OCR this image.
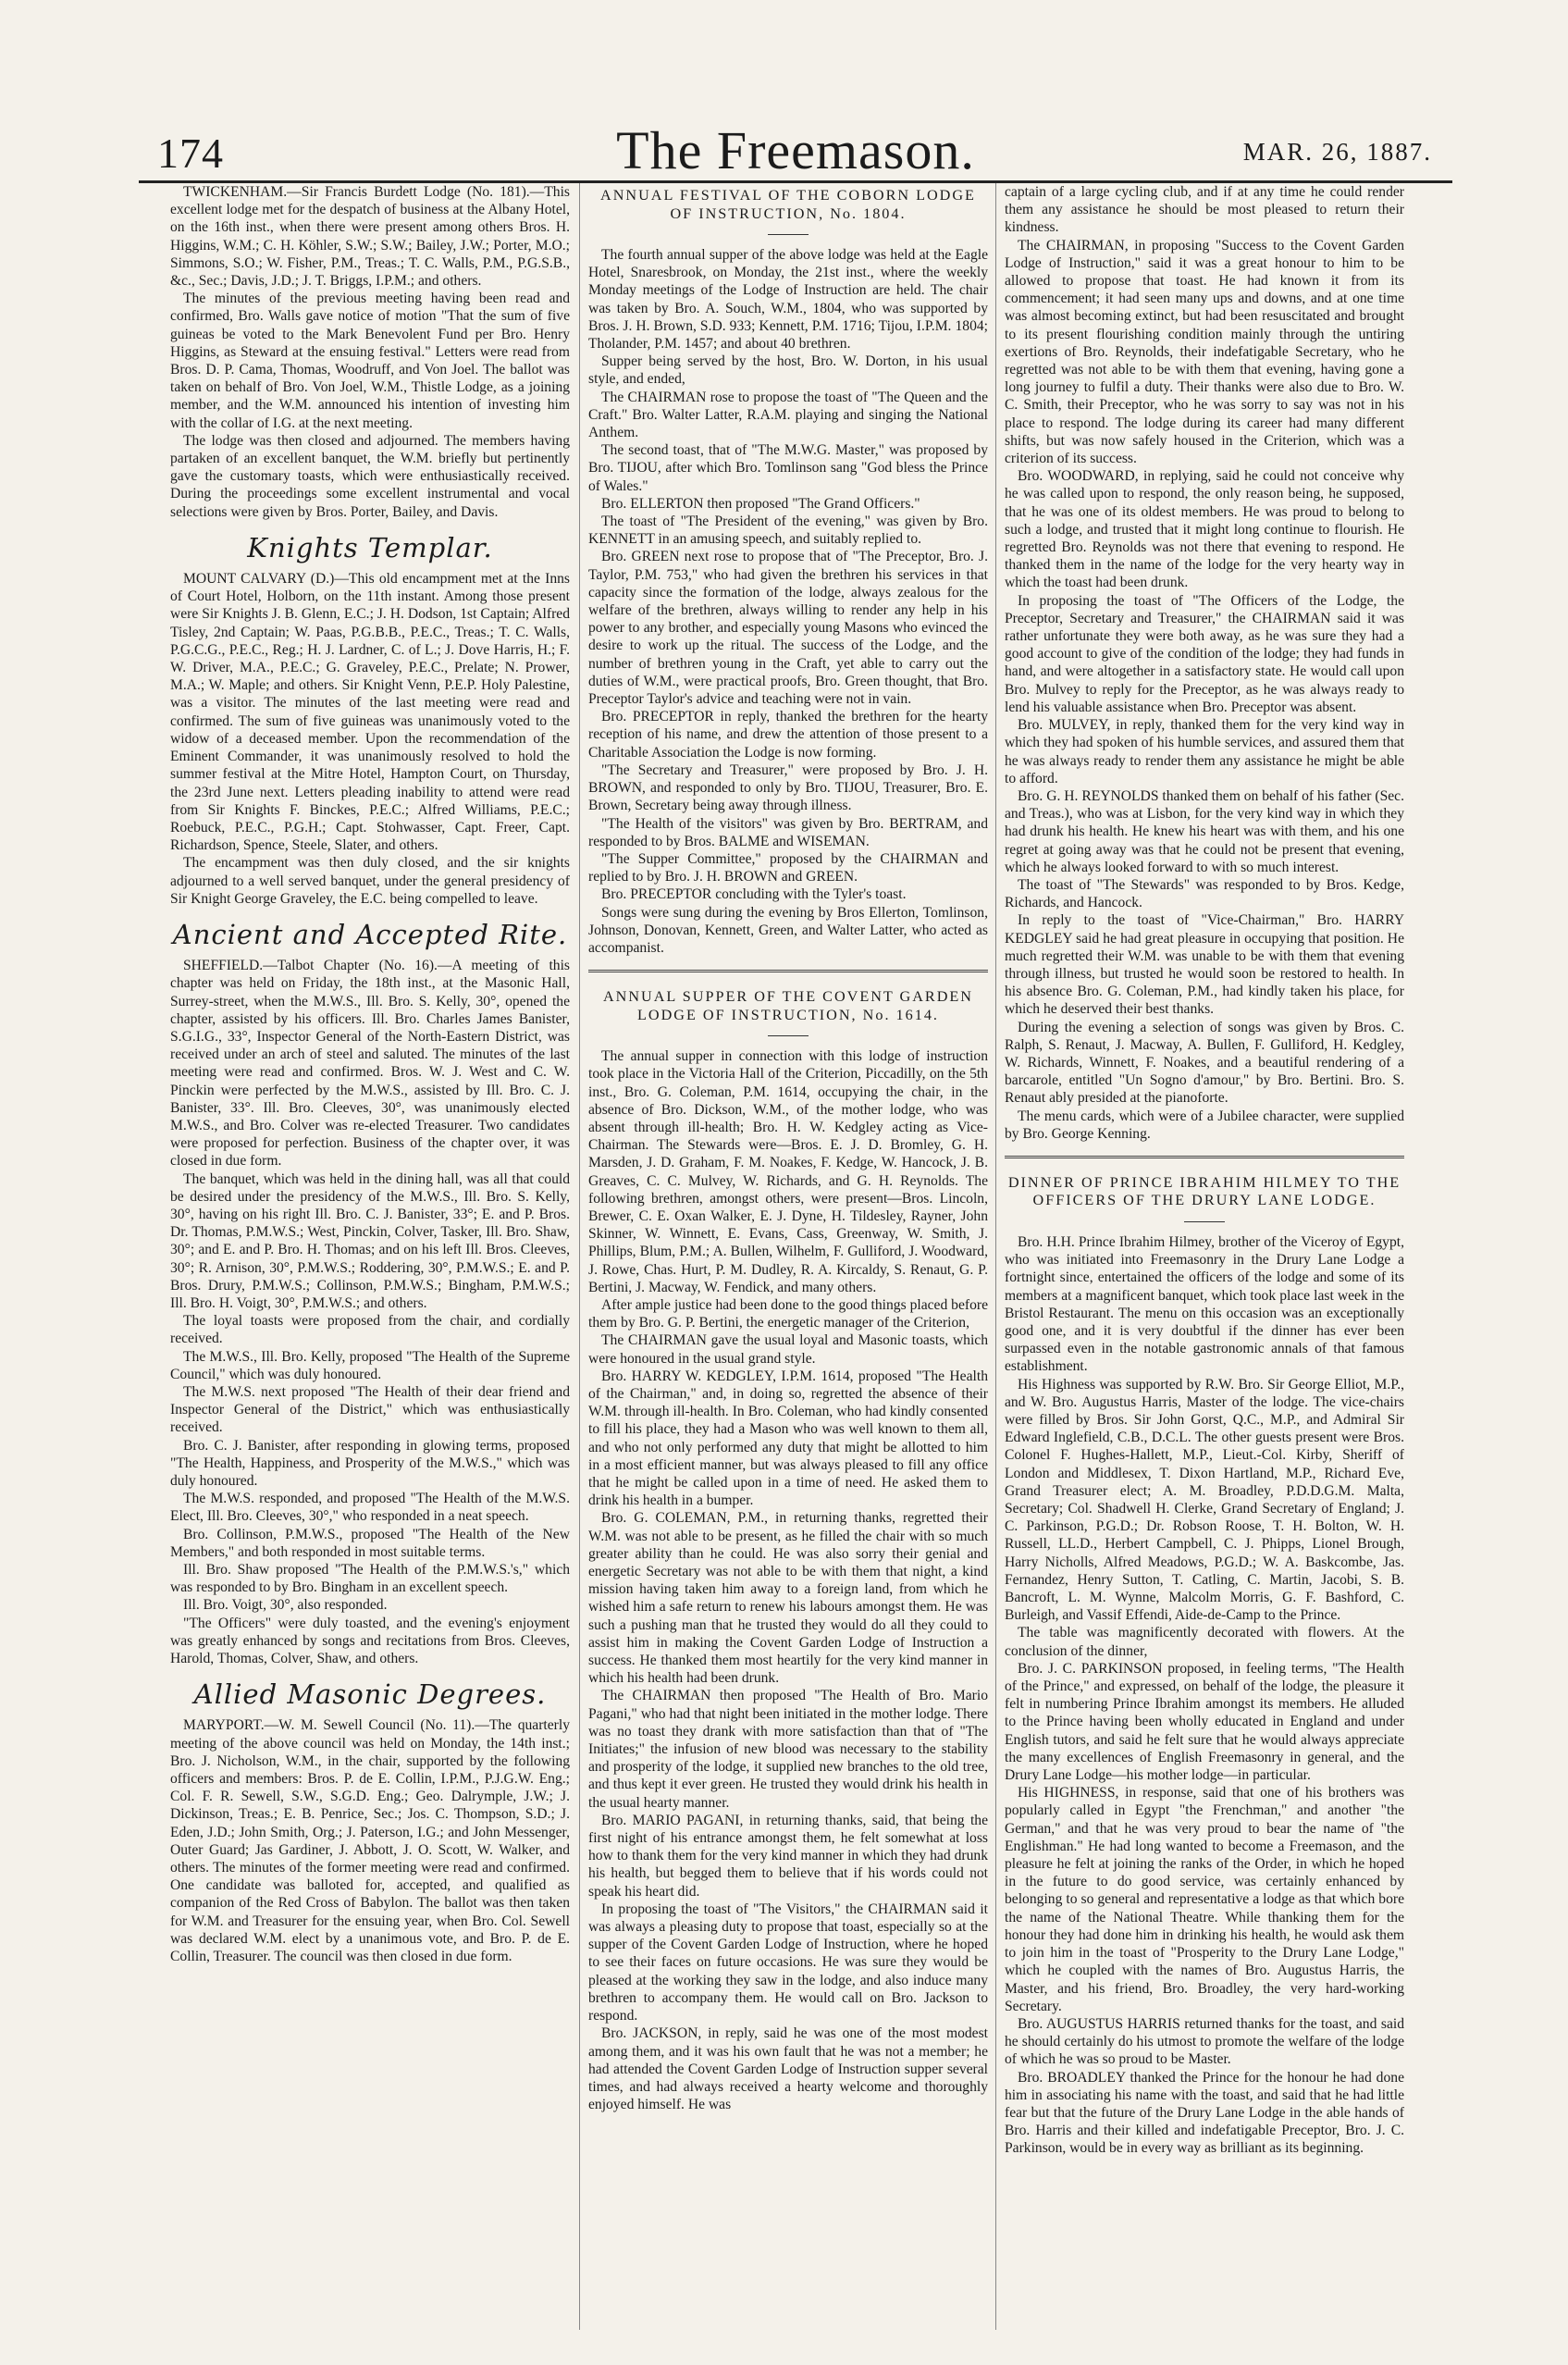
174	The Freemason.	MAR. 26, 1887.

TWICKENHAM.—Sir Francis Burdett Lodge (No. 181).—This excellent lodge met for the despatch of business at the Albany Hotel, on the 16th inst., when there were present among others Bros. H. Higgins, W.M.; C. H. Köhler, S.W.; S.W.; Bailey, J.W.; Porter, M.O.; Simmons, S.O.; W. Fisher, P.M., Treas.; T. C. Walls, P.M., P.G.S.B., &c., Sec.; Davis, J.D.; J. T. Briggs, I.P.M.; and others.

The minutes of the previous meeting having been read and confirmed, Bro. Walls gave notice of motion "That the sum of five guineas be voted to the Mark Benevolent Fund per Bro. Henry Higgins, as Steward at the ensuing festival." Letters were read from Bros. D. P. Cama, Thomas, Woodruff, and Von Joel. The ballot was taken on behalf of Bro. Von Joel, W.M., Thistle Lodge, as a joining member, and the W.M. announced his intention of investing him with the collar of I.G. at the next meeting.

The lodge was then closed and adjourned. The members having partaken of an excellent banquet, the W.M. briefly but pertinently gave the customary toasts, which were enthusiastically received. During the proceedings some excellent instrumental and vocal selections were given by Bros. Porter, Bailey, and Davis.

Knights Templar.

MOUNT CALVARY (D.)—This old encampment met at the Inns of Court Hotel, Holborn, on the 11th instant. Among those present were Sir Knights J. B. Glenn, E.C.; J. H. Dodson, 1st Captain; Alfred Tisley, 2nd Captain; W. Paas, P.G.B.B., P.E.C., Treas.; T. C. Walls, P.G.C.G., P.E.C., Reg.; H. J. Lardner, C. of L.; J. Dove Harris, H.; F. W. Driver, M.A., P.E.C.; G. Graveley, P.E.C., Prelate; N. Prower, M.A.; W. Maple; and others. Sir Knight Venn, P.E.P. Holy Palestine, was a visitor. The minutes of the last meeting were read and confirmed. The sum of five guineas was unanimously voted to the widow of a deceased member. Upon the recommendation of the Eminent Commander, it was unanimously resolved to hold the summer festival at the Mitre Hotel, Hampton Court, on Thursday, the 23rd June next. Letters pleading inability to attend were read from Sir Knights F. Binckes, P.E.C.; Alfred Williams, P.E.C.; Roebuck, P.E.C., P.G.H.; Capt. Stohwasser, Capt. Freer, Capt. Richardson, Spence, Steele, Slater, and others.

The encampment was then duly closed, and the sir knights adjourned to a well served banquet, under the general presidency of Sir Knight George Graveley, the E.C. being compelled to leave.

Ancient and Accepted Rite.

SHEFFIELD.—Talbot Chapter (No. 16).—A meeting of this chapter was held on Friday, the 18th inst., at the Masonic Hall, Surrey-street, when the M.W.S., Ill. Bro. S. Kelly, 30°, opened the chapter, assisted by his officers. Ill. Bro. Charles James Banister, S.G.I.G., 33°, Inspector General of the North-Eastern District, was received under an arch of steel and saluted. The minutes of the last meeting were read and confirmed. Bros. W. J. West and C. W. Pinckin were perfected by the M.W.S., assisted by Ill. Bro. C. J. Banister, 33°. Ill. Bro. Cleeves, 30°, was unanimously elected M.W.S., and Bro. Colver was re-elected Treasurer. Two candidates were proposed for perfection. Business of the chapter over, it was closed in due form.

The banquet, which was held in the dining hall, was all that could be desired under the presidency of the M.W.S., Ill. Bro. S. Kelly, 30°, having on his right Ill. Bro. C. J. Banister, 33°; E. and P. Bros. Dr. Thomas, P.M.W.S.; West, Pinckin, Colver, Tasker, Ill. Bro. Shaw, 30°; and E. and P. Bro. H. Thomas; and on his left Ill. Bros. Cleeves, 30°; R. Arnison, 30°, P.M.W.S.; Roddering, 30°, P.M.W.S.; E. and P. Bros. Drury, P.M.W.S.; Collinson, P.M.W.S.; Bingham, P.M.W.S.; Ill. Bro. H. Voigt, 30°, P.M.W.S.; and others.

The loyal toasts were proposed from the chair, and cordially received.

The M.W.S., Ill. Bro. Kelly, proposed "The Health of the Supreme Council," which was duly honoured.

The M.W.S. next proposed "The Health of their dear friend and Inspector General of the District," which was enthusiastically received.

Bro. C. J. Banister, after responding in glowing terms, proposed "The Health, Happiness, and Prosperity of the M.W.S.," which was duly honoured.

The M.W.S. responded, and proposed "The Health of the M.W.S. Elect, Ill. Bro. Cleeves, 30°," who responded in a neat speech.

Bro. Collinson, P.M.W.S., proposed "The Health of the New Members," and both responded in most suitable terms.

Ill. Bro. Shaw proposed "The Health of the P.M.W.S.'s," which was responded to by Bro. Bingham in an excellent speech.

Ill. Bro. Voigt, 30°, also responded.

"The Officers" were duly toasted, and the evening's enjoyment was greatly enhanced by songs and recitations from Bros. Cleeves, Harold, Thomas, Colver, Shaw, and others.

Allied Masonic Degrees.

MARYPORT.—W. M. Sewell Council (No. 11).—The quarterly meeting of the above council was held on Monday, the 14th inst.; Bro. J. Nicholson, W.M., in the chair, supported by the following officers and members: Bros. P. de E. Collin, I.P.M., P.J.G.W. Eng.; Col. F. R. Sewell, S.W., S.G.D. Eng.; Geo. Dalrymple, J.W.; J. Dickinson, Treas.; E. B. Penrice, Sec.; Jos. C. Thompson, S.D.; J. Eden, J.D.; John Smith, Org.; J. Paterson, I.G.; and John Messenger, Outer Guard; Jas Gardiner, J. Abbott, J. O. Scott, W. Walker, and others. The minutes of the former meeting were read and confirmed. One candidate was balloted for, accepted, and qualified as companion of the Red Cross of Babylon. The ballot was then taken for W.M. and Treasurer for the ensuing year, when Bro. Col. Sewell was declared W.M. elect by a unanimous vote, and Bro. P. de E. Collin, Treasurer. The council was then closed in due form.

ANNUAL FESTIVAL OF THE COBORN LODGE OF INSTRUCTION, No. 1804.

The fourth annual supper of the above lodge was held at the Eagle Hotel, Snaresbrook, on Monday, the 21st inst., where the weekly Monday meetings of the Lodge of Instruction are held. The chair was taken by Bro. A. Souch, W.M., 1804, who was supported by Bros. J. H. Brown, S.D. 933; Kennett, P.M. 1716; Tijou, I.P.M. 1804; Tholander, P.M. 1457; and about 40 brethren.

Supper being served by the host, Bro. W. Dorton, in his usual style, and ended,

The CHAIRMAN rose to propose the toast of "The Queen and the Craft." Bro. Walter Latter, R.A.M. playing and singing the National Anthem.

The second toast, that of "The M.W.G. Master," was proposed by Bro. TIJOU, after which Bro. Tomlinson sang "God bless the Prince of Wales."

Bro. ELLERTON then proposed "The Grand Officers."

The toast of "The President of the evening," was given by Bro. KENNETT in an amusing speech, and suitably replied to.

Bro. GREEN next rose to propose that of "The Preceptor, Bro. J. Taylor, P.M. 753," who had given the brethren his services in that capacity since the formation of the lodge, always zealous for the welfare of the brethren, always willing to render any help in his power to any brother, and especially young Masons who evinced the desire to work up the ritual. The success of the Lodge, and the number of brethren young in the Craft, yet able to carry out the duties of W.M., were practical proofs, Bro. Green thought, that Bro. Preceptor Taylor's advice and teaching were not in vain.

Bro. PRECEPTOR in reply, thanked the brethren for the hearty reception of his name, and drew the attention of those present to a Charitable Association the Lodge is now forming.

"The Secretary and Treasurer," were proposed by Bro. J. H. BROWN, and responded to only by Bro. TIJOU, Treasurer, Bro. E. Brown, Secretary being away through illness.

"The Health of the visitors" was given by Bro. BERTRAM, and responded to by Bros. BALME and WISEMAN.

"The Supper Committee," proposed by the CHAIRMAN and replied to by Bro. J. H. BROWN and GREEN.

Bro. PRECEPTOR concluding with the Tyler's toast.

Songs were sung during the evening by Bros Ellerton, Tomlinson, Johnson, Donovan, Kennett, Green, and Walter Latter, who acted as accompanist.

ANNUAL SUPPER OF THE COVENT GARDEN LODGE OF INSTRUCTION, No. 1614.

The annual supper in connection with this lodge of instruction took place in the Victoria Hall of the Criterion, Piccadilly, on the 5th inst., Bro. G. Coleman, P.M. 1614, occupying the chair, in the absence of Bro. Dickson, W.M., of the mother lodge, who was absent through ill-health; Bro. H. W. Kedgley acting as Vice-Chairman. The Stewards were—Bros. E. J. D. Bromley, G. H. Marsden, J. D. Graham, F. M. Noakes, F. Kedge, W. Hancock, J. B. Greaves, C. C. Mulvey, W. Richards, and G. H. Reynolds. The following brethren, amongst others, were present—Bros. Lincoln, Brewer, C. E. Oxan Walker, E. J. Dyne, H. Tildesley, Rayner, John Skinner, W. Winnett, E. Evans, Cass, Greenway, W. Smith, J. Phillips, Blum, P.M.; A. Bullen, Wilhelm, F. Gulliford, J. Woodward, J. Rowe, Chas. Hurt, P. M. Dudley, R. A. Kircaldy, S. Renaut, G. P. Bertini, J. Macway, W. Fendick, and many others.

After ample justice had been done to the good things placed before them by Bro. G. P. Bertini, the energetic manager of the Criterion,

The CHAIRMAN gave the usual loyal and Masonic toasts, which were honoured in the usual grand style.

Bro. HARRY W. KEDGLEY, I.P.M. 1614, proposed "The Health of the Chairman," and, in doing so, regretted the absence of their W.M. through ill-health. In Bro. Coleman, who had kindly consented to fill his place, they had a Mason who was well known to them all, and who not only performed any duty that might be allotted to him in a most efficient manner, but was always pleased to fill any office that he might be called upon in a time of need. He asked them to drink his health in a bumper.

Bro. G. COLEMAN, P.M., in returning thanks, regretted their W.M. was not able to be present, as he filled the chair with so much greater ability than he could. He was also sorry their genial and energetic Secretary was not able to be with them that night, a kind mission having taken him away to a foreign land, from which he wished him a safe return to renew his labours amongst them. He was such a pushing man that he trusted they would do all they could to assist him in making the Covent Garden Lodge of Instruction a success. He thanked them most heartily for the very kind manner in which his health had been drunk.

The CHAIRMAN then proposed "The Health of Bro. Mario Pagani," who had that night been initiated in the mother lodge. There was no toast they drank with more satisfaction than that of "The Initiates;" the infusion of new blood was necessary to the stability and prosperity of the lodge, it supplied new branches to the old tree, and thus kept it ever green. He trusted they would drink his health in the usual hearty manner.

Bro. MARIO PAGANI, in returning thanks, said, that being the first night of his entrance amongst them, he felt somewhat at loss how to thank them for the very kind manner in which they had drunk his health, but begged them to believe that if his words could not speak his heart did.

In proposing the toast of "The Visitors," the CHAIRMAN said it was always a pleasing duty to propose that toast, especially so at the supper of the Covent Garden Lodge of Instruction, where he hoped to see their faces on future occasions. He was sure they would be pleased at the working they saw in the lodge, and also induce many brethren to accompany them. He would call on Bro. Jackson to respond.

Bro. JACKSON, in reply, said he was one of the most modest among them, and it was his own fault that he was not a member; he had attended the Covent Garden Lodge of Instruction supper several times, and had always received a hearty welcome and thoroughly enjoyed himself. He was

captain of a large cycling club, and if at any time he could render them any assistance he should be most pleased to return their kindness.

The CHAIRMAN, in proposing "Success to the Covent Garden Lodge of Instruction," said it was a great honour to him to be allowed to propose that toast. He had known it from its commencement; it had seen many ups and downs, and at one time was almost becoming extinct, but had been resuscitated and brought to its present flourishing condition mainly through the untiring exertions of Bro. Reynolds, their indefatigable Secretary, who he regretted was not able to be with them that evening, having gone a long journey to fulfil a duty. Their thanks were also due to Bro. W. C. Smith, their Preceptor, who he was sorry to say was not in his place to respond. The lodge during its career had many different shifts, but was now safely housed in the Criterion, which was a criterion of its success.

Bro. WOODWARD, in replying, said he could not conceive why he was called upon to respond, the only reason being, he supposed, that he was one of its oldest members. He was proud to belong to such a lodge, and trusted that it might long continue to flourish. He regretted Bro. Reynolds was not there that evening to respond. He thanked them in the name of the lodge for the very hearty way in which the toast had been drunk.

In proposing the toast of "The Officers of the Lodge, the Preceptor, Secretary and Treasurer," the CHAIRMAN said it was rather unfortunate they were both away, as he was sure they had a good account to give of the condition of the lodge; they had funds in hand, and were altogether in a satisfactory state. He would call upon Bro. Mulvey to reply for the Preceptor, as he was always ready to lend his valuable assistance when Bro. Preceptor was absent.

Bro. MULVEY, in reply, thanked them for the very kind way in which they had spoken of his humble services, and assured them that he was always ready to render them any assistance he might be able to afford.

Bro. G. H. REYNOLDS thanked them on behalf of his father (Sec. and Treas.), who was at Lisbon, for the very kind way in which they had drunk his health. He knew his heart was with them, and his one regret at going away was that he could not be present that evening, which he always looked forward to with so much interest.

The toast of "The Stewards" was responded to by Bros. Kedge, Richards, and Hancock.

In reply to the toast of "Vice-Chairman," Bro. HARRY KEDGLEY said he had great pleasure in occupying that position. He much regretted their W.M. was unable to be with them that evening through illness, but trusted he would soon be restored to health. In his absence Bro. G. Coleman, P.M., had kindly taken his place, for which he deserved their best thanks.

During the evening a selection of songs was given by Bros. C. Ralph, S. Renaut, J. Macway, A. Bullen, F. Gulliford, H. Kedgley, W. Richards, Winnett, F. Noakes, and a beautiful rendering of a barcarole, entitled "Un Sogno d'amour," by Bro. Bertini. Bro. S. Renaut ably presided at the pianoforte.

The menu cards, which were of a Jubilee character, were supplied by Bro. George Kenning.

DINNER OF PRINCE IBRAHIM HILMEY TO THE OFFICERS OF THE DRURY LANE LODGE.

Bro. H.H. Prince Ibrahim Hilmey, brother of the Viceroy of Egypt, who was initiated into Freemasonry in the Drury Lane Lodge a fortnight since, entertained the officers of the lodge and some of its members at a magnificent banquet, which took place last week in the Bristol Restaurant. The menu on this occasion was an exceptionally good one, and it is very doubtful if the dinner has ever been surpassed even in the notable gastronomic annals of that famous establishment.

His Highness was supported by R.W. Bro. Sir George Elliot, M.P., and W. Bro. Augustus Harris, Master of the lodge. The vice-chairs were filled by Bros. Sir John Gorst, Q.C., M.P., and Admiral Sir Edward Inglefield, C.B., D.C.L. The other guests present were Bros. Colonel F. Hughes-Hallett, M.P., Lieut.-Col. Kirby, Sheriff of London and Middlesex, T. Dixon Hartland, M.P., Richard Eve, Grand Treasurer elect; A. M. Broadley, P.D.D.G.M. Malta, Secretary; Col. Shadwell H. Clerke, Grand Secretary of England; J. C. Parkinson, P.G.D.; Dr. Robson Roose, T. H. Bolton, W. H. Russell, LL.D., Herbert Campbell, C. J. Phipps, Lionel Brough, Harry Nicholls, Alfred Meadows, P.G.D.; W. A. Baskcombe, Jas. Fernandez, Henry Sutton, T. Catling, C. Martin, Jacobi, S. B. Bancroft, L. M. Wynne, Malcolm Morris, G. F. Bashford, C. Burleigh, and Vassif Effendi, Aide-de-Camp to the Prince.

The table was magnificently decorated with flowers. At the conclusion of the dinner,

Bro. J. C. PARKINSON proposed, in feeling terms, "The Health of the Prince," and expressed, on behalf of the lodge, the pleasure it felt in numbering Prince Ibrahim amongst its members. He alluded to the Prince having been wholly educated in England and under English tutors, and said he felt sure that he would always appreciate the many excellences of English Freemasonry in general, and the Drury Lane Lodge—his mother lodge—in particular.

His HIGHNESS, in response, said that one of his brothers was popularly called in Egypt "the Frenchman," and another "the German," and that he was very proud to bear the name of "the Englishman." He had long wanted to become a Freemason, and the pleasure he felt at joining the ranks of the Order, in which he hoped in the future to do good service, was certainly enhanced by belonging to so general and representative a lodge as that which bore the name of the National Theatre. While thanking them for the honour they had done him in drinking his health, he would ask them to join him in the toast of "Prosperity to the Drury Lane Lodge," which he coupled with the names of Bro. Augustus Harris, the Master, and his friend, Bro. Broadley, the very hard-working Secretary.

Bro. AUGUSTUS HARRIS returned thanks for the toast, and said he should certainly do his utmost to promote the welfare of the lodge of which he was so proud to be Master.

Bro. BROADLEY thanked the Prince for the honour he had done him in associating his name with the toast, and said that he had little fear but that the future of the Drury Lane Lodge in the able hands of Bro. Harris and their killed and indefatigable Preceptor, Bro. J. C. Parkinson, would be in every way as brilliant as its beginning.
